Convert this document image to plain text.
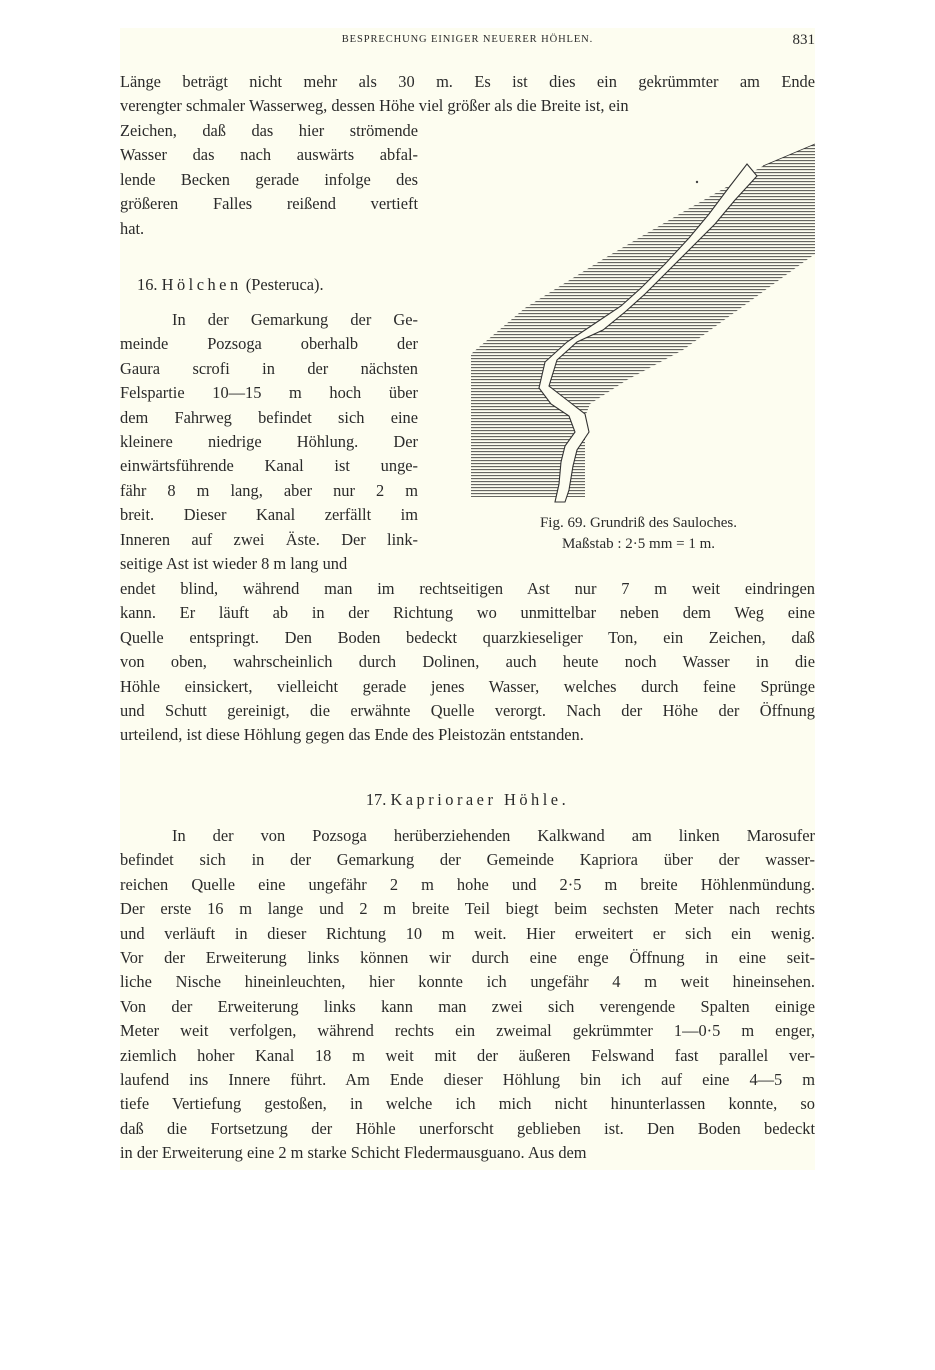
BESPRECHUNG EINIGER NEUERER HÖHLEN.	831
Länge beträgt nicht mehr als 30 m. Es ist dies ein gekrümmter am Ende
verengter schmaler Wasserweg, dessen Höhe viel größer als die Breite ist, ein
Zeichen, daß das hier strömende
Wasser das nach auswärts abfal-
lende Becken gerade infolge des
größeren Falles reißend vertieft
hat.
16. Hölchen (Pesteruca).
In der Gemarkung der Ge-
meinde Pozsoga oberhalb der
Gaura scrofi in der nächsten
Felspartie 10—15 m hoch über
dem Fahrweg befindet sich eine
kleinere niedrige Höhlung. Der
einwärtsführende Kanal ist unge-
fähr 8 m lang, aber nur 2 m
breit. Dieser Kanal zerfällt im
Inneren auf zwei Äste. Der link-
seitige Ast ist wieder 8 m lang und
endet blind, während man im rechtseitigen Ast nur 7 m weit eindringen
kann. Er läuft ab in der Richtung wo unmittelbar neben dem Weg eine
Quelle entspringt. Den Boden bedeckt quarzkieseliger Ton, ein Zeichen, daß
von oben, wahrscheinlich durch Dolinen, auch heute noch Wasser in die
Höhle einsickert, vielleicht gerade jenes Wasser, welches durch feine Sprünge
und Schutt gereinigt, die erwähnte Quelle verorgt. Nach der Höhe der Öffnung
urteilend, ist diese Höhlung gegen das Ende des Pleistozän entstanden.
Fig. 69. Grundriß des Sauloches.
Maßstab : 2·5 mm = 1 m.
17. Kaprioraer Höhle.
In der von Pozsoga herüberziehenden Kalkwand am linken Marosufer
befindet sich in der Gemarkung der Gemeinde Kapriora über der wasser-
reichen Quelle eine ungefähr 2 m hohe und 2·5 m breite Höhlenmündung.
Der erste 16 m lange und 2 m breite Teil biegt beim sechsten Meter nach rechts
und verläuft in dieser Richtung 10 m weit. Hier erweitert er sich ein wenig.
Vor der Erweiterung links können wir durch eine enge Öffnung in eine seit-
liche Nische hineinleuchten, hier konnte ich ungefähr 4 m weit hineinsehen.
Von der Erweiterung links kann man zwei sich verengende Spalten einige
Meter weit verfolgen, während rechts ein zweimal gekrümmter 1—0·5 m enger,
ziemlich hoher Kanal 18 m weit mit der äußeren Felswand fast parallel ver-
laufend ins Innere führt. Am Ende dieser Höhlung bin ich auf eine 4—5 m
tiefe Vertiefung gestoßen, in welche ich mich nicht hinunterlassen konnte, so
daß die Fortsetzung der Höhle unerforscht geblieben ist. Den Boden bedeckt
in der Erweiterung eine 2 m starke Schicht Fledermausguano. Aus dem
